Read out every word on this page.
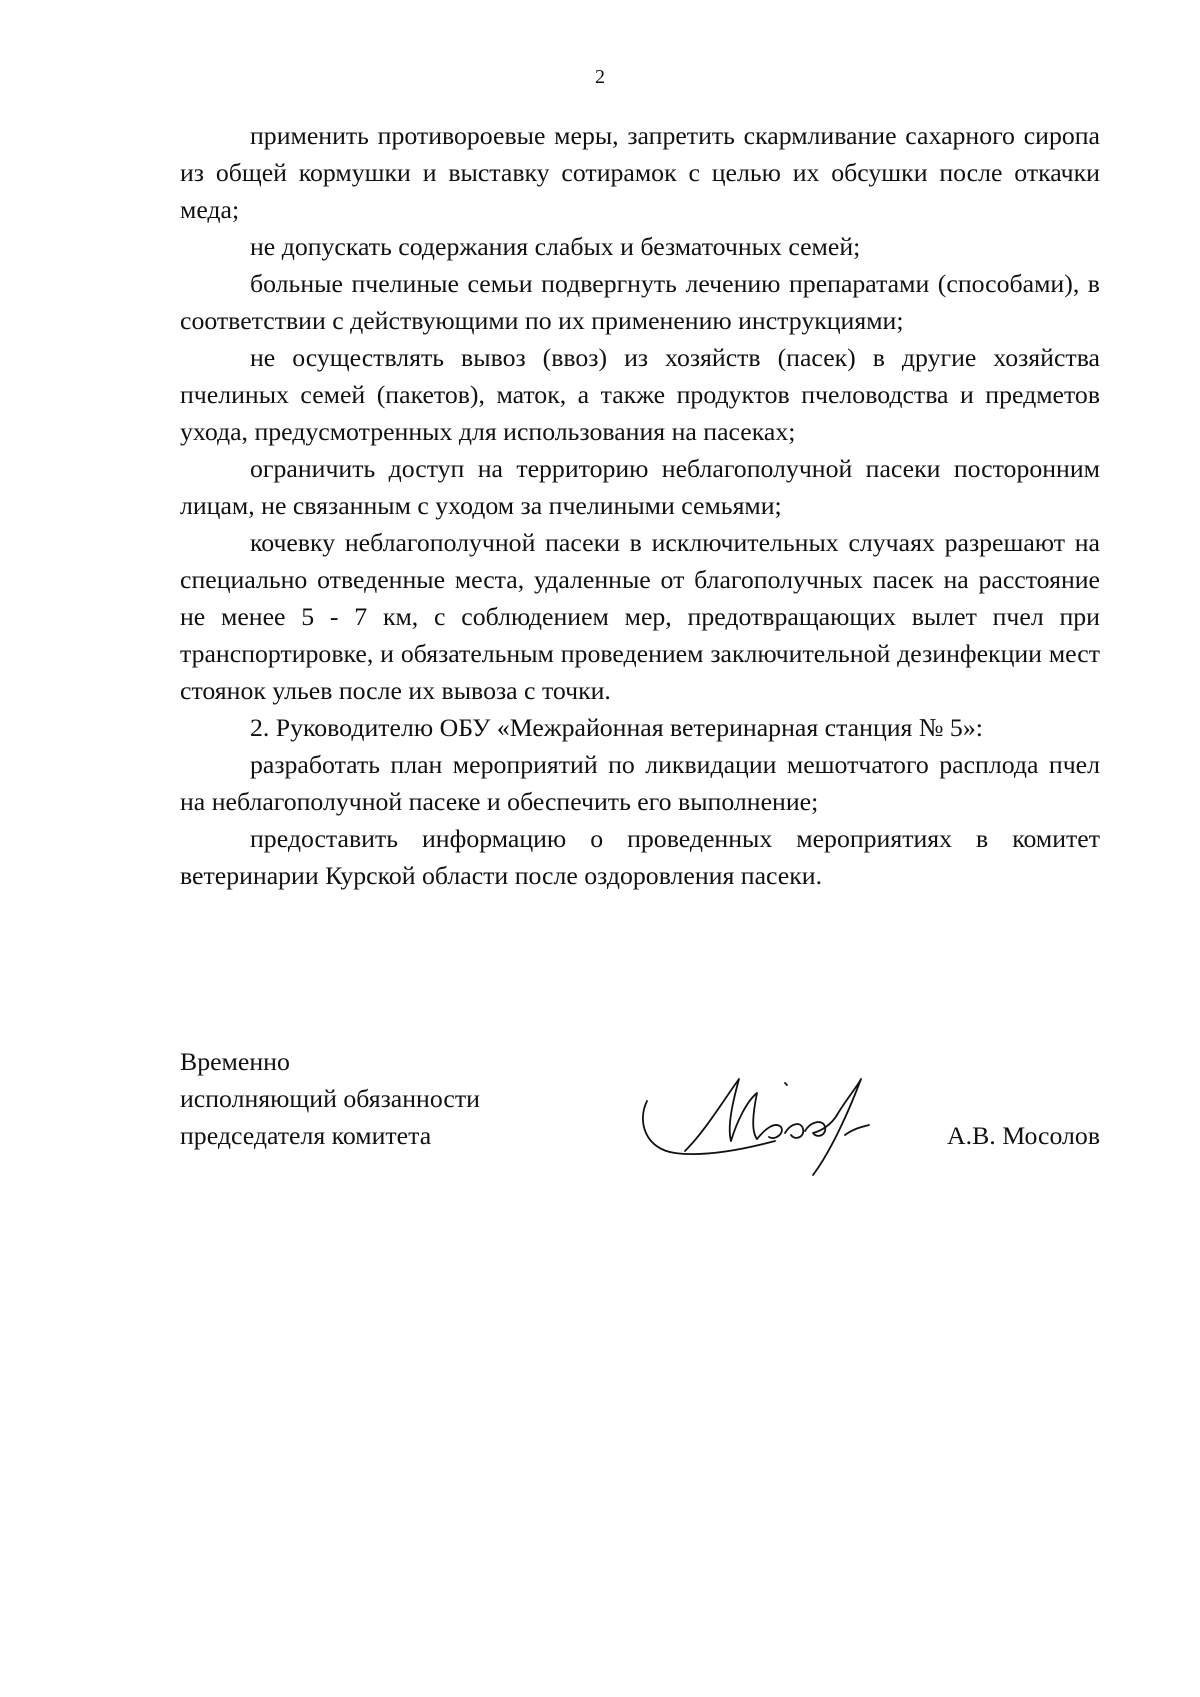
2

применить противороевые меры, запретить скармливание сахарного сиропа из общей кормушки и выставку сотирамок с целью их обсушки после откачки меда;

не допускать содержания слабых и безматочных семей;

больные пчелиные семьи подвергнуть лечению препаратами (способами), в соответствии с действующими по их применению инструкциями;

не осуществлять вывоз (ввоз) из хозяйств (пасек) в другие хозяйства пчелиных семей (пакетов), маток, а также продуктов пчеловодства и предметов ухода, предусмотренных для использования на пасеках;

ограничить доступ на территорию неблагополучной пасеки посторонним лицам, не связанным с уходом за пчелиными семьями;

кочевку неблагополучной пасеки в исключительных случаях разрешают на специально отведенные места, удаленные от благополучных пасек на расстояние не менее 5 - 7 км, с соблюдением мер, предотвращающих вылет пчел при транспортировке, и обязательным проведением заключительной дезинфекции мест стоянок ульев после их вывоза с точки.

2. Руководителю ОБУ «Межрайонная ветеринарная станция № 5»:

разработать план мероприятий по ликвидации мешотчатого расплода пчел на неблагополучной пасеке и обеспечить его выполнение;

предоставить информацию о проведенных мероприятиях в комитет ветеринарии Курской области после оздоровления пасеки.

Временно
исполняющий обязанности
председателя комитета	А.В. Мосолов
